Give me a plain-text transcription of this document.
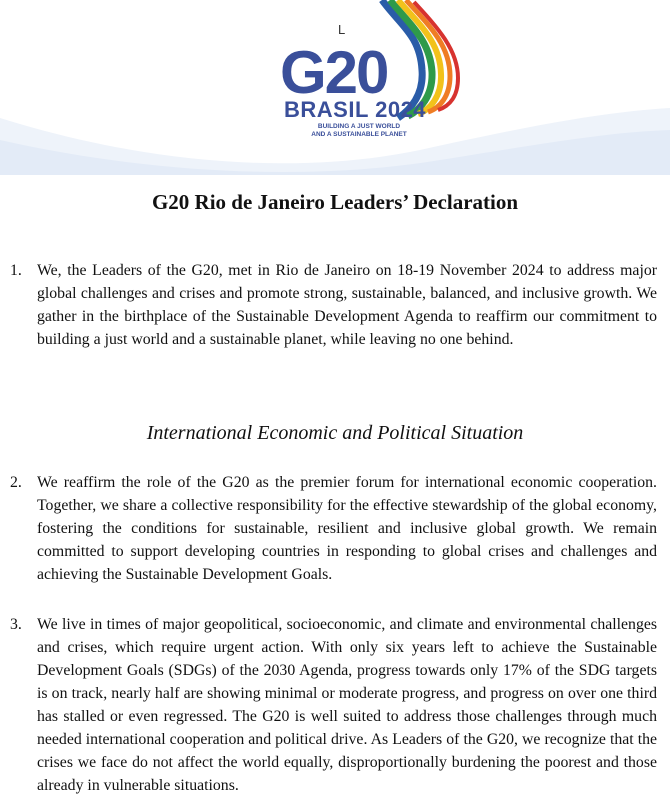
L
G20
BRASIL 2024
BUILDING A JUST WORLD
AND A SUSTAINABLE PLANET
G20 Rio de Janeiro Leaders’ Declaration
1. We, the Leaders of the G20, met in Rio de Janeiro on 18-19 November 2024 to address major global challenges and crises and promote strong, sustainable, balanced, and inclusive growth. We gather in the birthplace of the Sustainable Development Agenda to reaffirm our commitment to building a just world and a sustainable planet, while leaving no one behind.
International Economic and Political Situation
2. We reaffirm the role of the G20 as the premier forum for international economic cooperation. Together, we share a collective responsibility for the effective stewardship of the global economy, fostering the conditions for sustainable, resilient and inclusive global growth. We remain committed to support developing countries in responding to global crises and challenges and achieving the Sustainable Development Goals.
3. We live in times of major geopolitical, socioeconomic, and climate and environmental challenges and crises, which require urgent action. With only six years left to achieve the Sustainable Development Goals (SDGs) of the 2030 Agenda, progress towards only 17% of the SDG targets is on track, nearly half are showing minimal or moderate progress, and progress on over one third has stalled or even regressed. The G20 is well suited to address those challenges through much needed international cooperation and political drive. As Leaders of the G20, we recognize that the crises we face do not affect the world equally, disproportionally burdening the poorest and those already in vulnerable situations.
